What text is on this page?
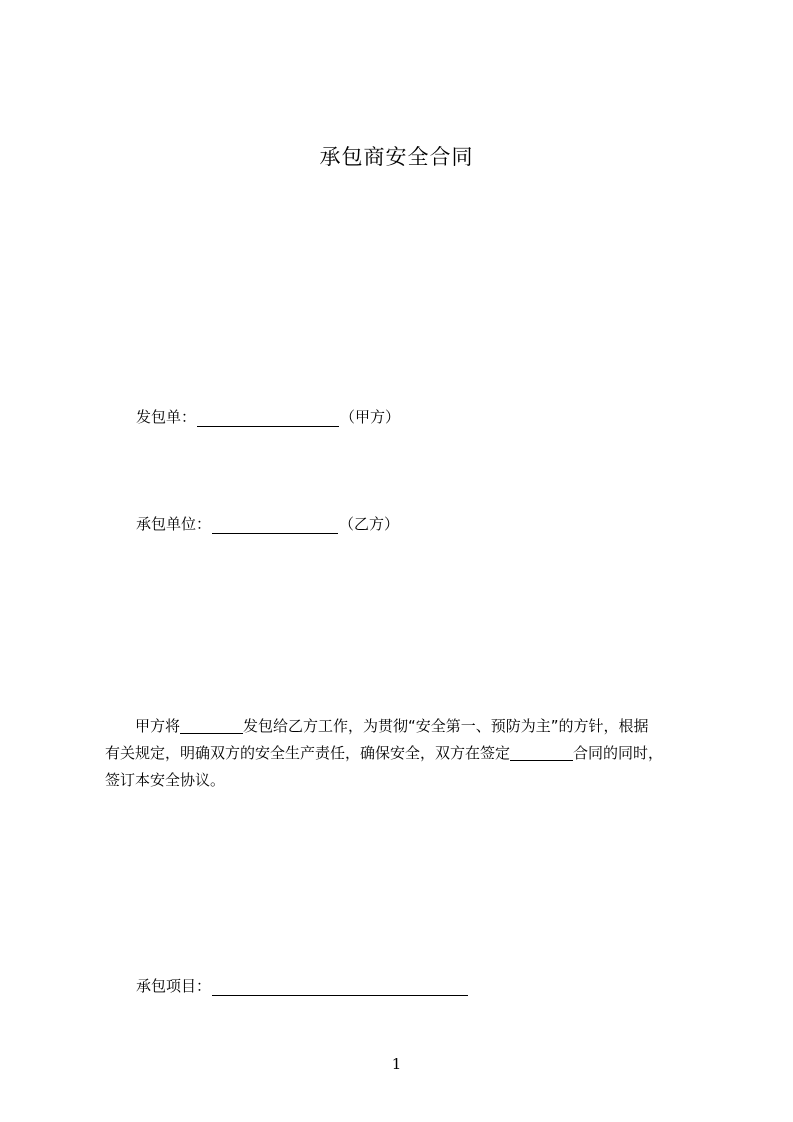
承包商安全合同
发包单：	（甲方）
承包单位：	（乙方）
　　甲方将	发包给乙方工作，为贯彻“安全第一、预防为主”的方针，根据
有关规定，明确双方的安全生产责任，确保安全，双方在签定	合同的同时，
签订本安全协议。
承包项目：
1
